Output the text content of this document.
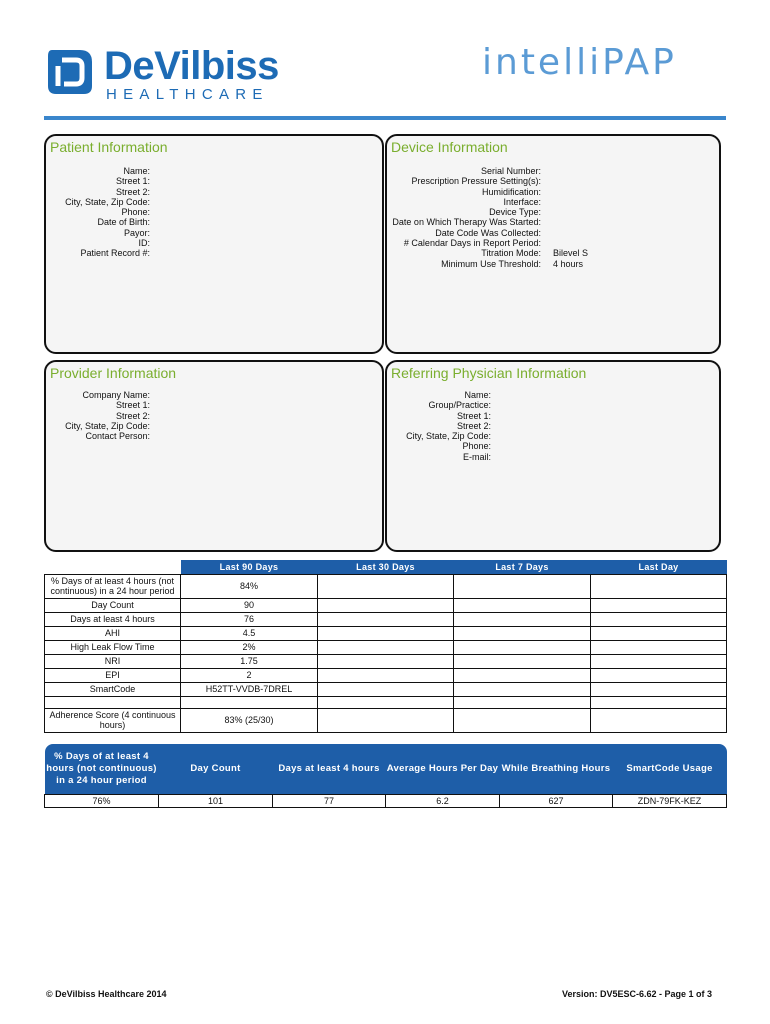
DeVilbiss
HEALTHCARE
intelliPAP
Patient Information
Name:
Street 1:
Street 2:
City, State, Zip Code:
Phone:
Date of Birth:
Payor:
ID:
Patient Record #:
Device Information
Serial Number:
Prescription Pressure Setting(s):
Humidification:
Interface:
Device Type:
Date on Which Therapy Was Started:
Date Code Was Collected:
# Calendar Days in Report Period:
Titration Mode:	Bilevel S
Minimum Use Threshold:	4 hours
Provider Information
Company Name:
Street 1:
Street 2:
City, State, Zip Code:
Contact Person:
Referring Physician Information
Name:
Group/Practice:
Street 1:
Street 2:
City, State, Zip Code:
Phone:
E-mail:
	Last 90 Days	Last 30 Days	Last 7 Days	Last Day
% Days of at least 4 hours (not continuous) in a 24 hour period	84%			
Day Count	90			
Days at least 4 hours	76			
AHI	4.5			
High Leak Flow Time	2%			
NRI	1.75			
EPI	2			
SmartCode	H52TT-VVDB-7DREL			

Adherence Score (4 continuous hours)	83% (25/30)			
% Days of at least 4 hours (not continuous) in a 24 hour period	Day Count	Days at least 4 hours	Average Hours Per Day	While Breathing Hours	SmartCode Usage
76%	101	77	6.2	627	ZDN-79FK-KEZ
© DeVilbiss Healthcare 2014	Version: DV5ESC-6.62 - Page 1 of 3
